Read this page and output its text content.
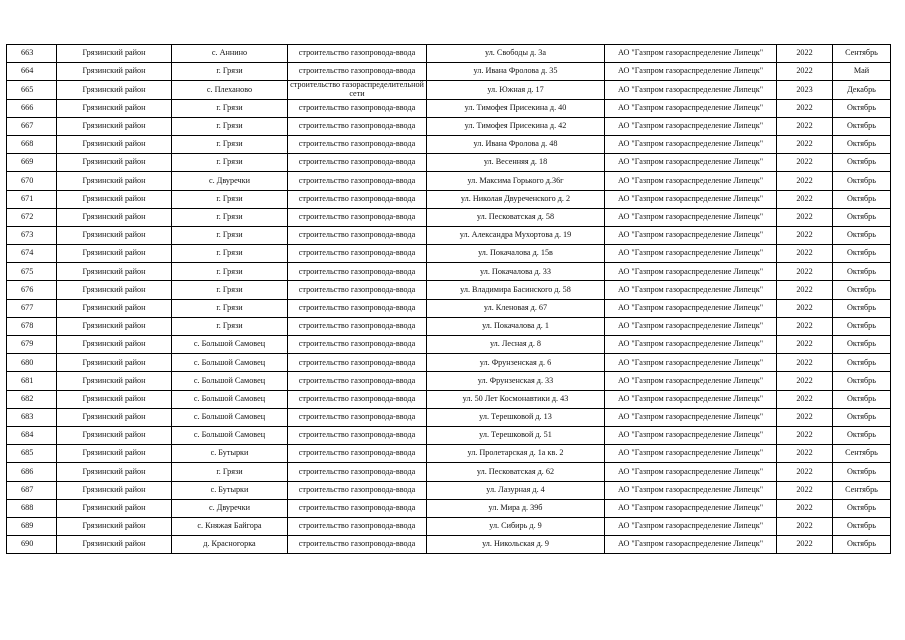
663	Грязинский район	с. Аннино	строительство газопровода-ввода	ул. Свободы д. 3а	АО "Газпром газораспределение Липецк"	2022	Сентябрь
664	Грязинский район	г. Грязи	строительство газопровода-ввода	ул. Ивана Фролова д. 35	АО "Газпром газораспределение Липецк"	2022	Май
665	Грязинский район	с. Плеханово	строительство газораспределительной сети	ул. Южная д. 17	АО "Газпром газораспределение Липецк"	2023	Декабрь
666	Грязинский район	г. Грязи	строительство газопровода-ввода	ул. Тимофея Присекина д. 40	АО "Газпром газораспределение Липецк"	2022	Октябрь
667	Грязинский район	г. Грязи	строительство газопровода-ввода	ул. Тимофея Присекина д. 42	АО "Газпром газораспределение Липецк"	2022	Октябрь
668	Грязинский район	г. Грязи	строительство газопровода-ввода	ул. Ивана Фролова д. 48	АО "Газпром газораспределение Липецк"	2022	Октябрь
669	Грязинский район	г. Грязи	строительство газопровода-ввода	ул. Весенняя д. 18	АО "Газпром газораспределение Липецк"	2022	Октябрь
670	Грязинский район	с. Двуречки	строительство газопровода-ввода	ул. Максима Горького д.36г	АО "Газпром газораспределение Липецк"	2022	Октябрь
671	Грязинский район	г. Грязи	строительство газопровода-ввода	ул. Николая Двуреченского д. 2	АО "Газпром газораспределение Липецк"	2022	Октябрь
672	Грязинский район	г. Грязи	строительство газопровода-ввода	ул. Песковатская д. 58	АО "Газпром газораспределение Липецк"	2022	Октябрь
673	Грязинский район	г. Грязи	строительство газопровода-ввода	ул. Александра Мухортова д. 19	АО "Газпром газораспределение Липецк"	2022	Октябрь
674	Грязинский район	г. Грязи	строительство газопровода-ввода	ул. Покачалова д. 15в	АО "Газпром газораспределение Липецк"	2022	Октябрь
675	Грязинский район	г. Грязи	строительство газопровода-ввода	ул. Покачалова д. 33	АО "Газпром газораспределение Липецк"	2022	Октябрь
676	Грязинский район	г. Грязи	строительство газопровода-ввода	ул. Владимира Басинского д. 58	АО "Газпром газораспределение Липецк"	2022	Октябрь
677	Грязинский район	г. Грязи	строительство газопровода-ввода	ул. Кленовая д. 67	АО "Газпром газораспределение Липецк"	2022	Октябрь
678	Грязинский район	г. Грязи	строительство газопровода-ввода	ул. Покачалова д. 1	АО "Газпром газораспределение Липецк"	2022	Октябрь
679	Грязинский район	с. Большой Самовец	строительство газопровода-ввода	ул. Лесная д. 8	АО "Газпром газораспределение Липецк"	2022	Октябрь
680	Грязинский район	с. Большой Самовец	строительство газопровода-ввода	ул. Фрунзенская д. 6	АО "Газпром газораспределение Липецк"	2022	Октябрь
681	Грязинский район	с. Большой Самовец	строительство газопровода-ввода	ул. Фрунзенская д. 33	АО "Газпром газораспределение Липецк"	2022	Октябрь
682	Грязинский район	с. Большой Самовец	строительство газопровода-ввода	ул. 50 Лет Космонавтики д. 43	АО "Газпром газораспределение Липецк"	2022	Октябрь
683	Грязинский район	с. Большой Самовец	строительство газопровода-ввода	ул. Терешковой д. 13	АО "Газпром газораспределение Липецк"	2022	Октябрь
684	Грязинский район	с. Большой Самовец	строительство газопровода-ввода	ул. Терешковой д. 51	АО "Газпром газораспределение Липецк"	2022	Октябрь
685	Грязинский район	с. Бутырки	строительство газопровода-ввода	ул. Пролетарская д. 1а кв. 2	АО "Газпром газораспределение Липецк"	2022	Сентябрь
686	Грязинский район	г. Грязи	строительство газопровода-ввода	ул. Песковатская д. 62	АО "Газпром газораспределение Липецк"	2022	Октябрь
687	Грязинский район	с. Бутырки	строительство газопровода-ввода	ул. Лазурная д. 4	АО "Газпром газораспределение Липецк"	2022	Сентябрь
688	Грязинский район	с. Двуречки	строительство газопровода-ввода	ул. Мира д. 39б	АО "Газпром газораспределение Липецк"	2022	Октябрь
689	Грязинский район	с. Княжая Байгора	строительство газопровода-ввода	ул. Сибирь д. 9	АО "Газпром газораспределение Липецк"	2022	Октябрь
690	Грязинский район	д. Красногорка	строительство газопровода-ввода	ул. Никольская д. 9	АО "Газпром газораспределение Липецк"	2022	Октябрь
